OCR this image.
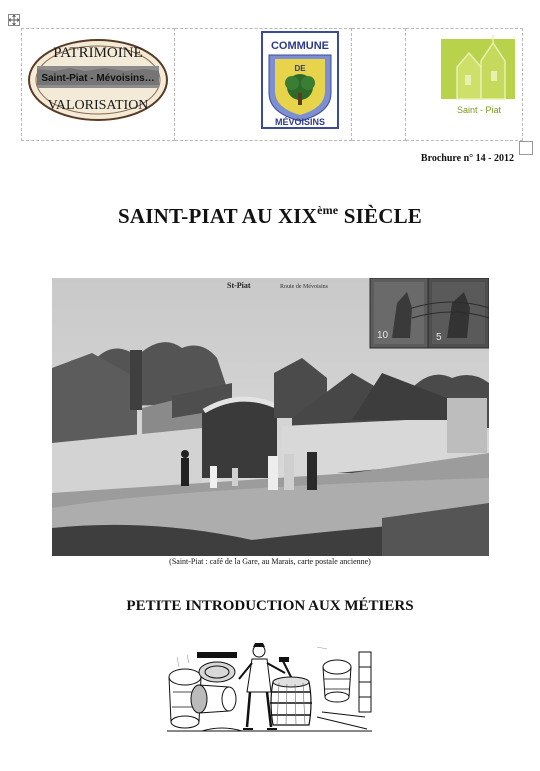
PATRIMOINE
Saint-Piat - Mévoisins…
VALORISATION

COMMUNE
DE
MÉVOISINS

Saint - Piat
Brochure n° 14 - 2012
SAINT-PIAT AU XIXème SIÈCLE
St-Piat	Route de Mévoisins
10	5
(Saint-Piat : café de la Gare, au Marais, carte postale ancienne)
PETITE INTRODUCTION AUX MÉTIERS
